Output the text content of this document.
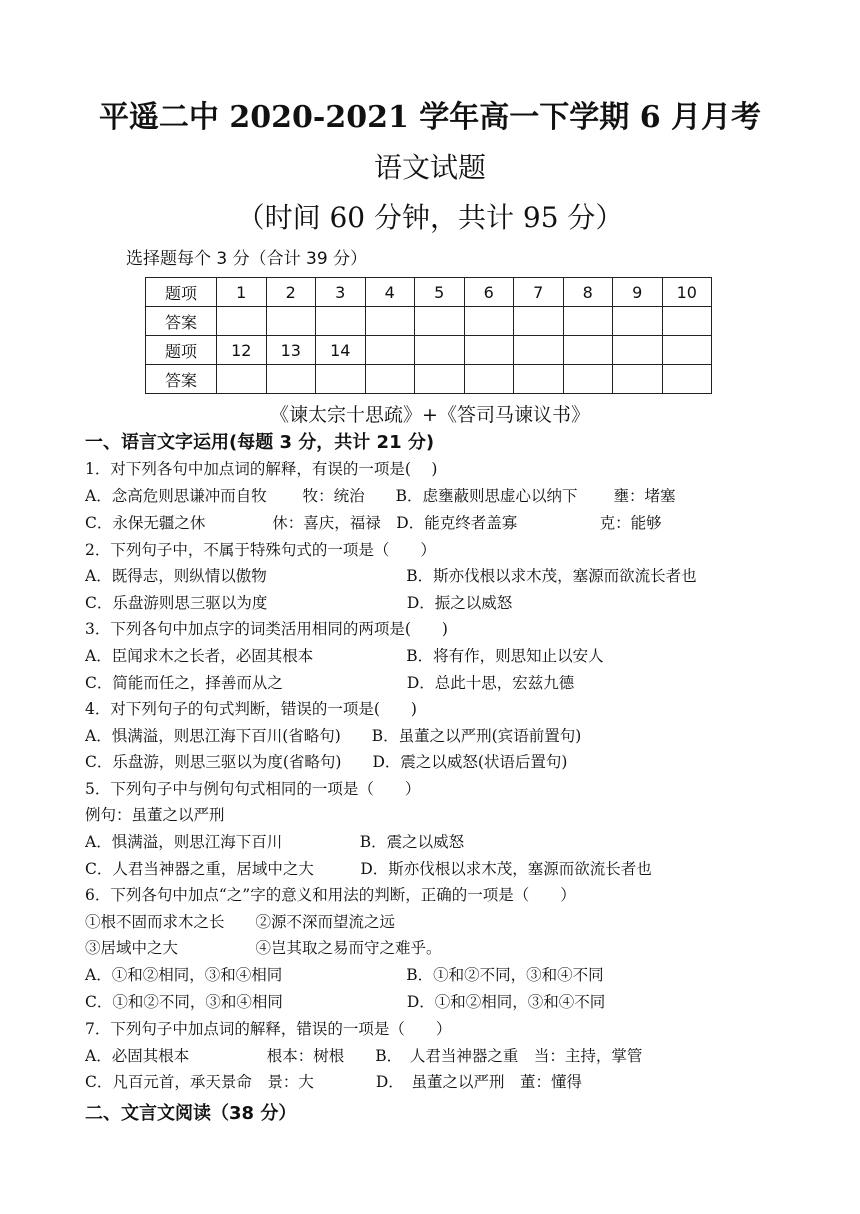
平遥二中 2020-2021 学年高一下学期 6 月月考
语文试题
（时间 60 分钟，共计 95 分）
选择题每个 3 分（合计 39 分）
题项	1	2	3	4	5	6	7	8	9	10
答案										
题项	12	13	14							
答案										
《谏太宗十思疏》+《答司马谏议书》
一、语言文字运用(每题 3 分，共计 21 分)
1．对下列各句中加点词的解释，有误的一项是(　 )
A．念高危则思谦冲而自牧　　 牧：统治　　B．虑壅蔽则思虚心以纳下　　 壅：堵塞
C．永保无疆之休　　　　 休：喜庆，福禄　D．能克终者盖寡　　　　　 克：能够
2．下列句子中，不属于特殊句式的一项是（　　）
A．既得志，则纵情以傲物　　　　　　　　　B．斯亦伐根以求木茂，塞源而欲流长者也
C．乐盘游则思三驱以为度　　　　　　　　　D．振之以威怒
3．下列各句中加点字的词类活用相同的两项是(　　)
A．臣闻求木之长者，必固其根本　　　　　　B．将有作，则思知止以安人
C．简能而任之，择善而从之　　　　　　　　D．总此十思，宏兹九德
4．对下列句子的句式判断，错误的一项是(　　)
A．惧满溢，则思江海下百川(省略句)　　B．虽董之以严刑(宾语前置句)
C．乐盘游，则思三驱以为度(省略句)　　D．震之以威怒(状语后置句)
5．下列句子中与例句句式相同的一项是（　　）
例句：虽董之以严刑
A．惧满溢，则思江海下百川　　　　　B．震之以威怒
C．人君当神器之重，居域中之大　　　D．斯亦伐根以求木茂，塞源而欲流长者也
6．下列各句中加点“之”字的意义和用法的判断，正确的一项是（　　）
①根不固而求木之长　　②源不深而望流之远
③居域中之大　　　　　④岂其取之易而守之难乎。
A．①和②相同，③和④相同　　　　　　　　B．①和②不同，③和④不同
C．①和②不同，③和④相同　　　　　　　　D．①和②相同，③和④不同
7．下列句子中加点词的解释，错误的一项是（　　）
A．必固其根本　　　　　根本：树根　　B．　人君当神器之重　当：主持，掌管
C．凡百元首，承天景命　景：大　　　　D．　虽董之以严刑　董：懂得
二、文言文阅读（38 分）
